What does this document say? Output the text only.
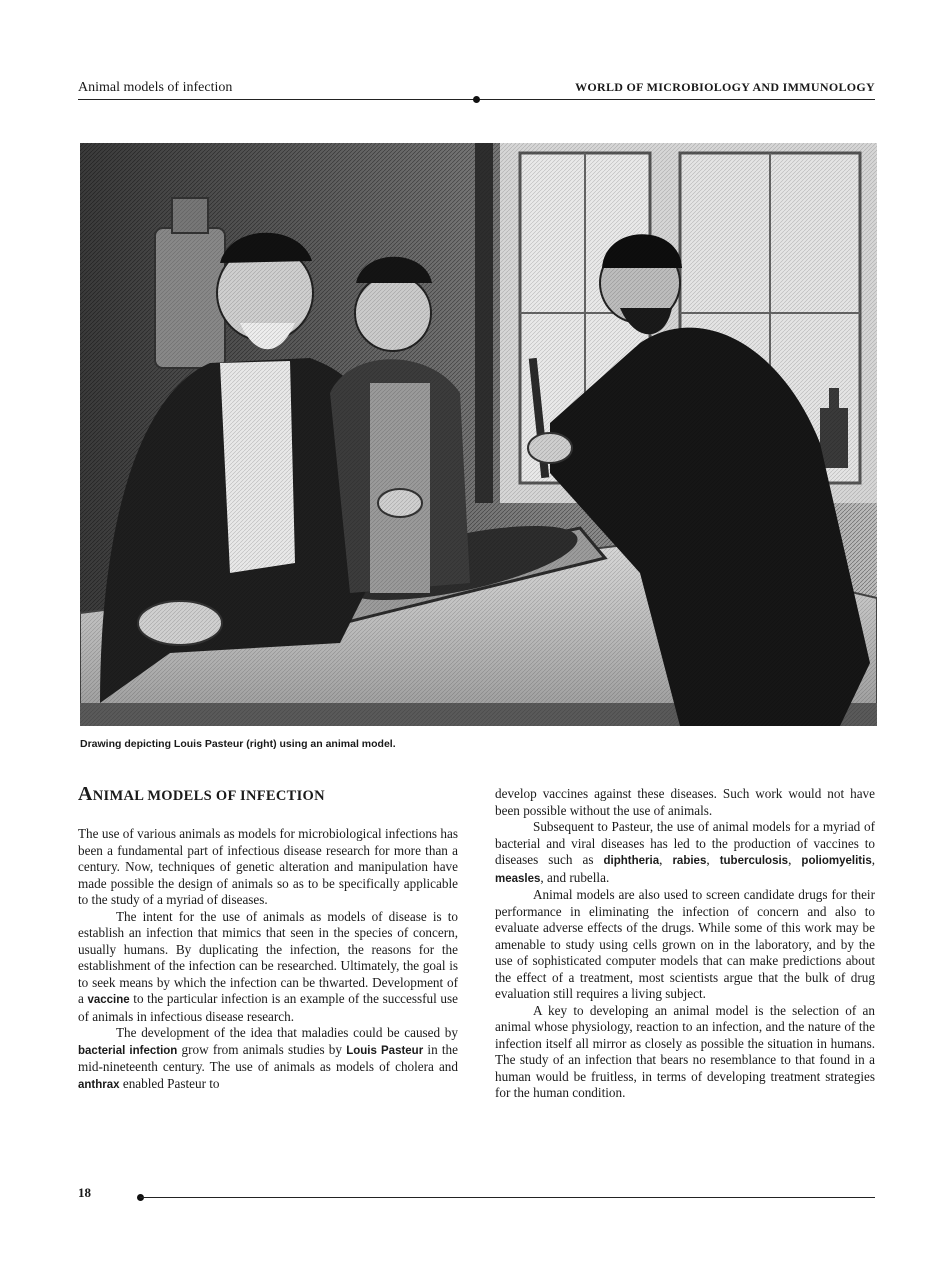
Animal models of infection	WORLD OF MICROBIOLOGY AND IMMUNOLOGY
Drawing depicting Louis Pasteur (right) using an animal model.
ANIMAL MODELS OF INFECTION

The use of various animals as models for microbiological infections has been a fundamental part of infectious disease research for more than a century. Now, techniques of genetic alteration and manipulation have made possible the design of animals so as to be specifically applicable to the study of a myriad of diseases.

The intent for the use of animals as models of disease is to establish an infection that mimics that seen in the species of concern, usually humans. By duplicating the infection, the reasons for the establishment of the infection can be researched. Ultimately, the goal is to seek means by which the infection can be thwarted. Development of a vaccine to the particular infection is an example of the successful use of animals in infectious disease research.

The development of the idea that maladies could be caused by bacterial infection grow from animals studies by Louis Pasteur in the mid-nineteenth century. The use of animals as models of cholera and anthrax enabled Pasteur to

develop vaccines against these diseases. Such work would not have been possible without the use of animals.

Subsequent to Pasteur, the use of animal models for a myriad of bacterial and viral diseases has led to the production of vaccines to diseases such as diphtheria, rabies, tuberculosis, poliomyelitis, measles, and rubella.

Animal models are also used to screen candidate drugs for their performance in eliminating the infection of concern and also to evaluate adverse effects of the drugs. While some of this work may be amenable to study using cells grown on in the laboratory, and by the use of sophisticated computer models that can make predictions about the effect of a treatment, most scientists argue that the bulk of drug evaluation still requires a living subject.

A key to developing an animal model is the selection of an animal whose physiology, reaction to an infection, and the nature of the infection itself all mirror as closely as possible the situation in humans. The study of an infection that bears no resemblance to that found in a human would be fruitless, in terms of developing treatment strategies for the human condition.

18
